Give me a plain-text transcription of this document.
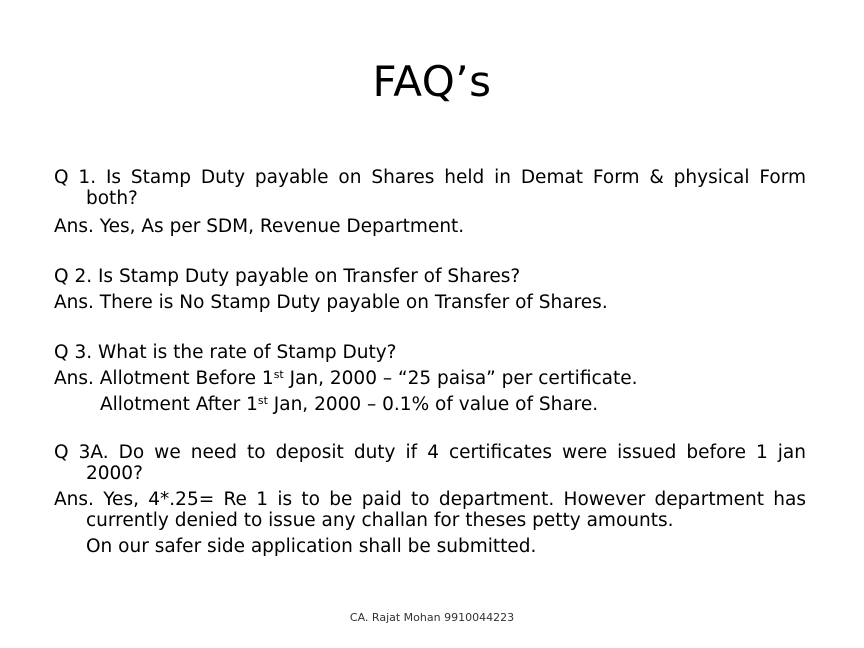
FAQ’s
Q 1. Is Stamp Duty payable on Shares held in Demat Form & physical Form both?
Ans. Yes, As per SDM, Revenue Department.
Q 2. Is Stamp Duty payable on Transfer of Shares?
Ans. There is No Stamp Duty payable on Transfer of Shares.
Q 3. What is the rate of Stamp Duty?
Ans. Allotment Before 1st Jan, 2000 – “25 paisa” per certificate.
Allotment After 1st Jan, 2000 – 0.1% of value of Share.
Q 3A. Do we need to deposit duty if 4 certificates were issued before 1 jan 2000?
Ans. Yes, 4*.25= Re 1 is to be paid to department. However department has currently denied to issue any challan for theses petty amounts.
On our safer side application shall be submitted.
CA. Rajat Mohan 9910044223
